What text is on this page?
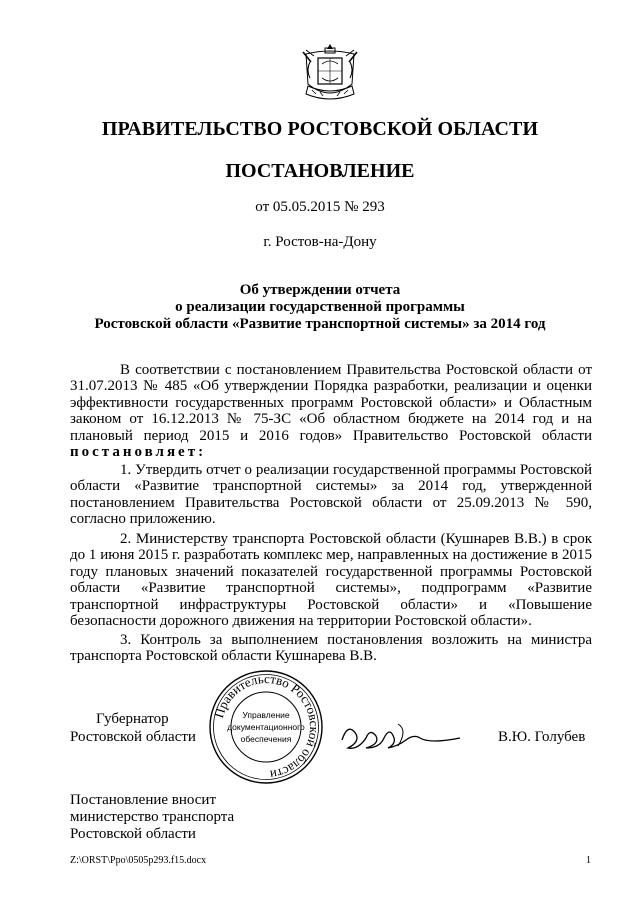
ПРАВИТЕЛЬСТВО РОСТОВСКОЙ ОБЛАСТИ
ПОСТАНОВЛЕНИЕ
от 05.05.2015 № 293
г. Ростов-на-Дону
Об утверждении отчета
о реализации государственной программы
Ростовской области «Развитие транспортной системы» за 2014 год
В соответствии с постановлением Правительства Ростовской области от 31.07.2013 № 485 «Об утверждении Порядка разработки, реализации и оценки эффективности государственных программ Ростовской области» и Областным законом от 16.12.2013 № 75-ЗС «Об областном бюджете на 2014 год и на плановый период 2015 и 2016 годов» Правительство Ростовской области постановляет:
1. Утвердить отчет о реализации государственной программы Ростовской области «Развитие транспортной системы» за 2014 год, утвержденной постановлением Правительства Ростовской области от 25.09.2013 № 590, согласно приложению.
2. Министерству транспорта Ростовской области (Кушнарев В.В.) в срок до 1 июня 2015 г. разработать комплекс мер, направленных на достижение в 2015 году плановых значений показателей государственной программы Ростовской области «Развитие транспортной системы», подпрограмм «Развитие транспортной инфраструктуры Ростовской области» и «Повышение безопасности дорожного движения на территории Ростовской области».
3. Контроль за выполнением постановления возложить на министра транспорта Ростовской области Кушнарева В.В.
Губернатор
Ростовской области
Правительство Ростовской области
Управление
документационного
обеспечения	В.Ю. Голубев
Постановление вносит
министерство транспорта
Ростовской области
Z:\ORST\Ppo\0505p293.f15.docx	1
